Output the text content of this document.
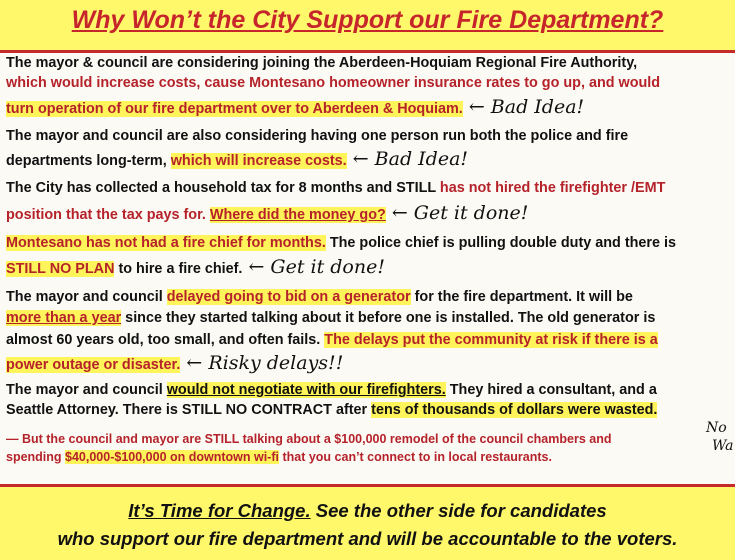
Why Won’t the City Support our Fire Department?
The mayor & council are considering joining the Aberdeen-Hoquiam Regional Fire Authority,
which would increase costs, cause Montesano homeowner insurance rates to go up, and would
turn operation of our fire department over to Aberdeen & Hoquiam. ← Bad Idea!
The mayor and council are also considering having one person run both the police and fire
departments long-term, which will increase costs. ← Bad Idea!
The City has collected a household tax for 8 months and STILL has not hired the firefighter /EMT
position that the tax pays for. Where did the money go? ← Get it done!
Montesano has not had a fire chief for months. The police chief is pulling double duty and there is
STILL NO PLAN to hire a fire chief. ← Get it done!
The mayor and council delayed going to bid on a generator for the fire department. It will be
more than a year since they started talking about it before one is installed. The old generator is
almost 60 years old, too small, and often fails. The delays put the community at risk if there is a
power outage or disaster. ← Risky delays!!
The mayor and council would not negotiate with our firefighters. They hired a consultant, and a
Seattle Attorney. There is STILL NO CONTRACT after tens of thousands of dollars were wasted.
— But the council and mayor are STILL talking about a $100,000 remodel of the council chambers and
spending $40,000-$100,000 on downtown wi-fi that you can’t connect to in local restaurants.
No
Wa
It’s Time for Change. See the other side for candidates
who support our fire department and will be accountable to the voters.
